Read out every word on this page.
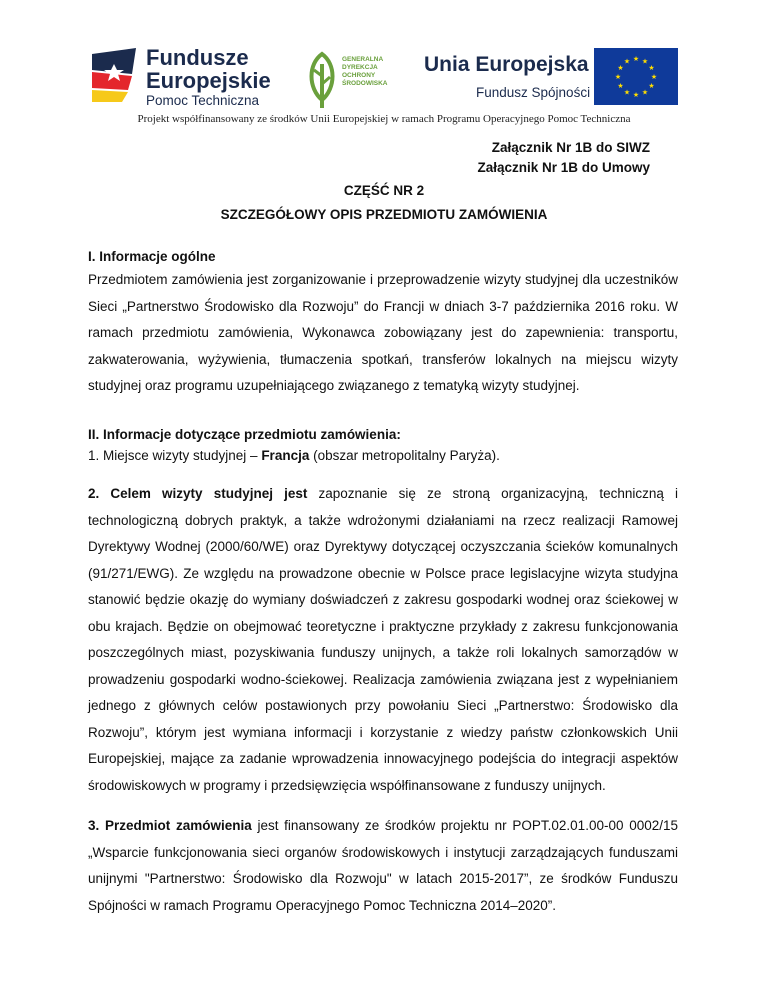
Fundusze
Europejskie
Pomoc Techniczna
GENERALNA
DYREKCJA
OCHRONY
ŚRODOWISKA
Unia Europejska
Fundusz Spójności
★ ★
★
★
★
★
★
★
★
★
★
★
Projekt współfinansowany ze środków Unii Europejskiej w ramach Programu Operacyjnego Pomoc Techniczna
Załącznik Nr 1B do SIWZ
Załącznik Nr 1B do Umowy
CZĘŚĆ NR 2
SZCZEGÓŁOWY OPIS PRZEDMIOTU ZAMÓWIENIA

I. Informacje ogólne

Przedmiotem zamówienia jest zorganizowanie i przeprowadzenie wizyty studyjnej dla uczestników Sieci „Partnerstwo Środowisko dla Rozwoju” do Francji w dniach 3-7 października 2016 roku. W ramach przedmiotu zamówienia, Wykonawca zobowiązany jest do zapewnienia: transportu, zakwaterowania, wyżywienia, tłumaczenia spotkań, transferów lokalnych na miejscu wizyty studyjnej oraz programu uzupełniającego związanego z tematyką wizyty studyjnej.

II. Informacje dotyczące przedmiotu zamówienia:

1. Miejsce wizyty studyjnej – Francja (obszar metropolitalny Paryża).

2. Celem wizyty studyjnej jest zapoznanie się ze stroną organizacyjną, techniczną i technologiczną dobrych praktyk, a także wdrożonymi działaniami na rzecz realizacji Ramowej Dyrektywy Wodnej (2000/60/WE) oraz Dyrektywy dotyczącej oczyszczania ścieków komunalnych (91/271/EWG). Ze względu na prowadzone obecnie w Polsce prace legislacyjne wizyta studyjna stanowić będzie okazję do wymiany doświadczeń z zakresu gospodarki wodnej oraz ściekowej w obu krajach. Będzie on obejmować teoretyczne i praktyczne przykłady z zakresu funkcjonowania poszczególnych miast, pozyskiwania funduszy unijnych, a także roli lokalnych samorządów w prowadzeniu gospodarki wodno-ściekowej. Realizacja zamówienia związana jest z wypełnianiem jednego z głównych celów postawionych przy powołaniu Sieci „Partnerstwo: Środowisko dla Rozwoju”, którym jest wymiana informacji i korzystanie z wiedzy państw członkowskich Unii Europejskiej, mające za zadanie wprowadzenia innowacyjnego podejścia do integracji aspektów środowiskowych w programy i przedsięwzięcia współfinansowane z funduszy unijnych.

3. Przedmiot zamówienia jest finansowany ze środków projektu nr POPT.02.01.00-00 0002/15 „Wsparcie funkcjonowania sieci organów środowiskowych i instytucji zarządzających funduszami unijnymi "Partnerstwo: Środowisko dla Rozwoju" w latach 2015-2017”, ze środków Funduszu Spójności w ramach Programu Operacyjnego Pomoc Techniczna 2014–2020”.
